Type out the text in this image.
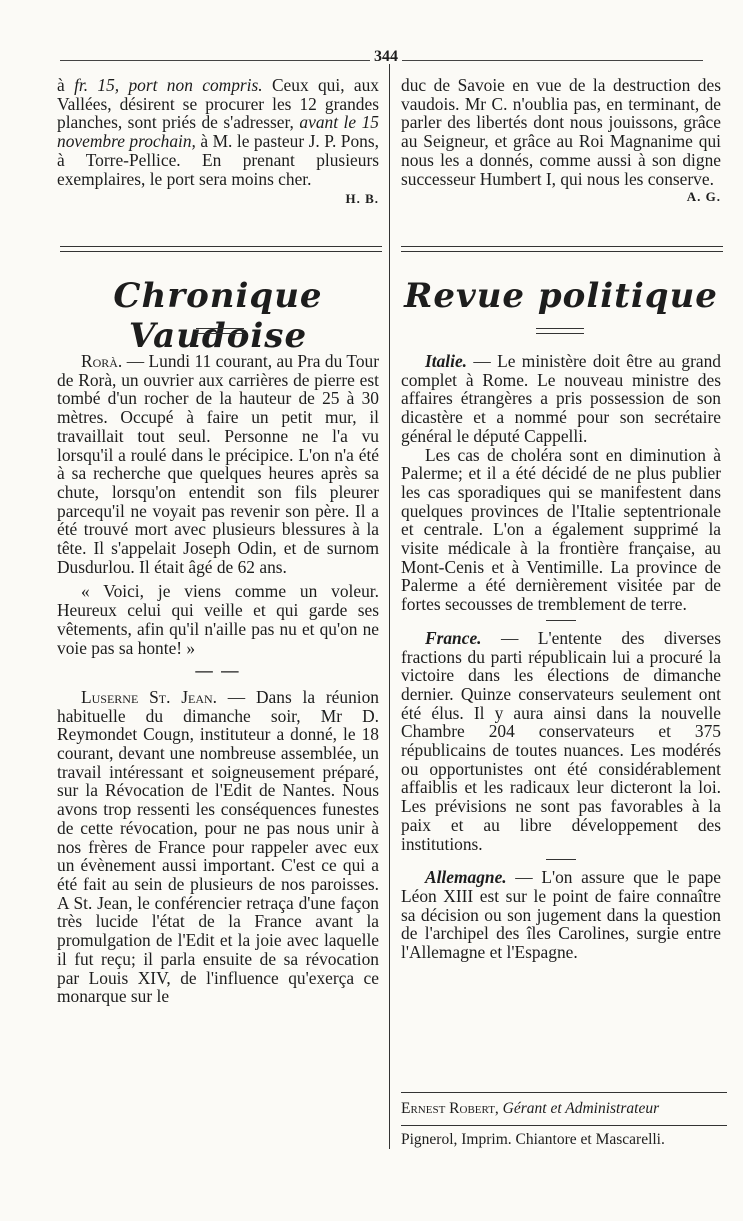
344

à fr. 15, port non compris. Ceux qui, aux Vallées, désirent se procurer les 12 grandes planches, sont priés de s'adresser, avant le 15 novembre prochain, à M. le pasteur J. P. Pons, à Torre-Pellice. En prenant plusieurs exemplaires, le port sera moins cher.

H. B.

duc de Savoie en vue de la destruction des vaudois. Mr C. n'oublia pas, en terminant, de parler des libertés dont nous jouissons, grâce au Seigneur, et grâce au Roi Magnanime qui nous les a donnés, comme aussi à son digne successeur Humbert I, qui nous les conserve.
A. G.

Chronique Vaudoise
Revue politique

Rorà. — Lundi 11 courant, au Pra du Tour de Rorà, un ouvrier aux carrières de pierre est tombé d'un rocher de la hauteur de 25 à 30 mètres. Occupé à faire un petit mur, il travaillait tout seul. Personne ne l'a vu lorsqu'il a roulé dans le précipice. L'on n'a été à sa recherche que quelques heures après sa chute, lorsqu'on entendit son fils pleurer parcequ'il ne voyait pas revenir son père. Il a été trouvé mort avec plusieurs blessures à la tête. Il s'appelait Joseph Odin, et de surnom Dusdurlou. Il était âgé de 62 ans.

« Voici, je viens comme un voleur. Heureux celui qui veille et qui garde ses vêtements, afin qu'il n'aille pas nu et qu'on ne voie pas sa honte! »

— —

Luserne St. Jean. — Dans la réunion habituelle du dimanche soir, Mr D. Reymondet Cougn, instituteur a donné, le 18 courant, devant une nombreuse assemblée, un travail intéressant et soigneusement préparé, sur la Révocation de l'Edit de Nantes. Nous avons trop ressenti les conséquences funestes de cette révocation, pour ne pas nous unir à nos frères de France pour rappeler avec eux un évènement aussi important. C'est ce qui a été fait au sein de plusieurs de nos paroisses. A St. Jean, le conférencier retraça d'une façon très lucide l'état de la France avant la promulgation de l'Edit et la joie avec laquelle il fut reçu; il parla ensuite de sa révocation par Louis XIV, de l'influence qu'exerça ce monarque sur le

Italie. — Le ministère doit être au grand complet à Rome. Le nouveau ministre des affaires étrangères a pris possession de son dicastère et a nommé pour son secrétaire général le député Cappelli.

Les cas de choléra sont en diminution à Palerme; et il a été décidé de ne plus publier les cas sporadiques qui se manifestent dans quelques provinces de l'Italie septentrionale et centrale. L'on a également supprimé la visite médicale à la frontière française, au Mont-Cenis et à Ventimille. La province de Palerme a été dernièrement visitée par de fortes secousses de tremblement de terre.

France. — L'entente des diverses fractions du parti républicain lui a procuré la victoire dans les élections de dimanche dernier. Quinze conservateurs seulement ont été élus. Il y aura ainsi dans la nouvelle Chambre 204 conservateurs et 375 républicains de toutes nuances. Les modérés ou opportunistes ont été considérablement affaiblis et les radicaux leur dicteront la loi. Les prévisions ne sont pas favorables à la paix et au libre développement des institutions.

Allemagne. — L'on assure que le pape Léon XIII est sur le point de faire connaître sa décision ou son jugement dans la question de l'archipel des îles Carolines, surgie entre l'Allemagne et l'Espagne.

Ernest Robert, Gérant et Administrateur
Pignerol, Imprim. Chiantore et Mascarelli.
